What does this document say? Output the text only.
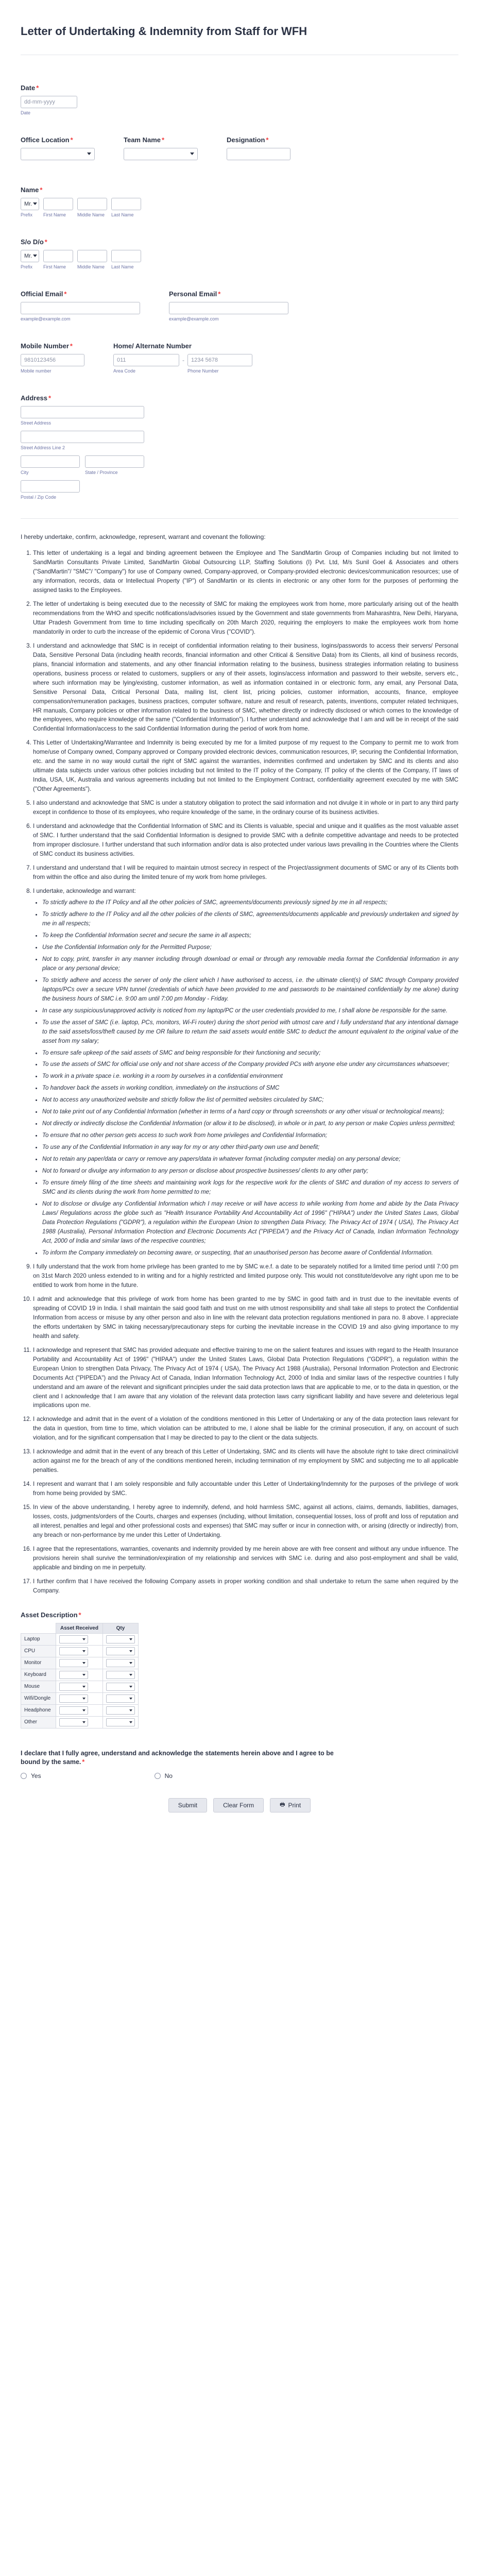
Letter of Undertaking & Indemnity from Staff for WFH
Date *
dd-mm-yyyy
Date
Office Location *	Team Name *	Designation *
Name *
Mr.
Prefix	First Name	Middle Name	Last Name
S/o D/o *
Mr.
Prefix	First Name	Middle Name	Last Name
Official Email *
example@example.com
Personal Email *
example@example.com
Mobile Number *
9810123456
Mobile number
Home/ Alternate Number
011
Area Code
-	1234 5678
Phone Number
Address *
Street Address
Street Address Line 2
City	State / Province
Postal / Zip Code

I hereby undertake, confirm, acknowledge, represent, warrant and covenant the following:

1. This letter of undertaking is a legal and binding agreement between the Employee and The SandMartin Group of Companies including but not limited to SandMartin Consultants Private Limited, SandMartin Global Outsourcing LLP, Staffing Solutions (I) Pvt. Ltd, M/s Sunil Goel & Associates and others ("SandMartin"/ "SMC"/ "Company") for use of Company owned, Company-approved, or Company-provided electronic devices/communication resources; use of any information, records, data or Intellectual Property ("IP") of SandMartin or its clients in electronic or any other form for the purposes of performing the assigned tasks to the Employees.
2. The letter of undertaking is being executed due to the necessity of SMC for making the employees work from home, more particularly arising out of the health recommendations from the WHO and specific notifications/advisories issued by the Government and state governments from Maharashtra, New Delhi, Haryana, Uttar Pradesh Government from time to time including specifically on 20th March 2020, requiring the employers to make the employees work from home mandatorily in order to curb the increase of the epidemic of Corona Virus ("COVID").
3. I understand and acknowledge that SMC is in receipt of confidential information relating to their business, logins/passwords to access their servers/ Personal Data, Sensitive Personal Data (including health records, financial information and other Critical & Sensitive Data) from its Clients, all kind of business records, plans, financial information and statements, and any other financial information relating to the business, business strategies information relating to business operations, business process or related to customers, suppliers or any of their assets, logins/access information and password to their website, servers etc., where such information may be lying/existing, customer information, as well as information contained in or electronic form, any email, any Personal Data, Sensitive Personal Data, Critical Personal Data, mailing list, client list, pricing policies, customer information, accounts, finance, employee compensation/remuneration packages, business practices, computer software, nature and result of research, patents, inventions, computer related techniques, HR manuals, Company policies or other information related to the business of SMC, whether directly or indirectly disclosed or which comes to the knowledge of the employees, who require knowledge of the same ("Confidential Information"). I further understand and acknowledge that I am and will be in receipt of the said Confidential Information/access to the said Confidential Information during the period of work from home.
4. This Letter of Undertaking/Warrantee and Indemnity is being executed by me for a limited purpose of my request to the Company to permit me to work from home/use of Company owned, Company approved or Company provided electronic devices, communication resources, IP, securing the Confidential Information, etc. and the same in no way would curtail the right of SMC against the warranties, indemnities confirmed and undertaken by SMC and its clients and also ultimate data subjects under various other policies including but not limited to the IT policy of the Company, IT policy of the clients of the Company, IT laws of India, USA, UK, Australia and various agreements including but not limited to the Employment Contract, confidentiality agreement executed by me with SMC ("Other Agreements").
5. I also understand and acknowledge that SMC is under a statutory obligation to protect the said information and not divulge it in whole or in part to any third party except in confidence to those of its employees, who require knowledge of the same, in the ordinary course of its business activities.
6. I understand and acknowledge that the Confidential Information of SMC and its Clients is valuable, special and unique and it qualifies as the most valuable asset of SMC. I further understand that the said Confidential Information is designed to provide SMC with a definite competitive advantage and needs to be protected from improper disclosure. I further understand that such information and/or data is also protected under various laws prevailing in the Countries where the Clients of SMC conduct its business activities.
7. I understand and understand that I will be required to maintain utmost secrecy in respect of the Project/assignment documents of SMC or any of its Clients both from within the office and also during the limited tenure of my work from home privileges.
8. I undertake, acknowledge and warrant:
• To strictly adhere to the IT Policy and all the other policies of SMC, agreements/documents previously signed by me in all respects;
• To strictly adhere to the IT Policy and all the other policies of the clients of SMC, agreements/documents applicable and previously undertaken and signed by me in all respects;
• To keep the Confidential Information secret and secure the same in all aspects;
• Use the Confidential Information only for the Permitted Purpose;
• Not to copy, print, transfer in any manner including through download or email or through any removable media format the Confidential Information in any place or any personal device;
• To strictly adhere and access the server of only the client which I have authorised to access, i.e. the ultimate client(s) of SMC through Company provided laptops/PCs over a secure VPN tunnel (credentials of which have been provided to me and passwords to be maintained confidentially by me alone) during the business hours of SMC i.e. 9:00 am until 7:00 pm Monday - Friday.
• In case any suspicious/unapproved activity is noticed from my laptop/PC or the user credentials provided to me, I shall alone be responsible for the same.
• To use the asset of SMC (i.e. laptop, PCs, monitors, Wi-Fi router) during the short period with utmost care and I fully understand that any intentional damage to the said assets/loss/theft caused by me OR failure to return the said assets would entitle SMC to deduct the amount equivalent to the original value of the asset from my salary;
• To ensure safe upkeep of the said assets of SMC and being responsible for their functioning and security;
• To use the assets of SMC for official use only and not share access of the Company provided PCs with anyone else under any circumstances whatsoever;
• To work in a private space i.e. working in a room by ourselves in a confidential environment
• To handover back the assets in working condition, immediately on the instructions of SMC
• Not to access any unauthorized website and strictly follow the list of permitted websites circulated by SMC;
• Not to take print out of any Confidential Information (whether in terms of a hard copy or through screenshots or any other visual or technological means);
• Not directly or indirectly disclose the Confidential Information (or allow it to be disclosed), in whole or in part, to any person or make Copies unless permitted;
• To ensure that no other person gets access to such work from home privileges and Confidential Information;
• To use any of the Confidential Information in any way for my or any other third-party own use and benefit;
• Not to retain any paper/data or carry or remove any papers/data in whatever format (including computer media) on any personal device;
• Not to forward or divulge any information to any person or disclose about prospective businesses/ clients to any other party;
• To ensure timely filing of the time sheets and maintaining work logs for the respective work for the clients of SMC and duration of my access to servers of SMC and its clients during the work from home permitted to me;
• Not to disclose or divulge any Confidential Information which I may receive or will have access to while working from home and abide by the Data Privacy Laws/ Regulations across the globe such as "Health Insurance Portability And Accountability Act of 1996" ("HIPAA") under the United States Laws, Global Data Protection Regulations ("GDPR"), a regulation within the European Union to strengthen Data Privacy, The Privacy Act of 1974 ( USA), The Privacy Act 1988 (Australia), Personal Information Protection and Electronic Documents Act ("PIPEDA") and the Privacy Act of Canada, Indian Information Technology Act, 2000 of India and similar laws of the respective countries;
• To inform the Company immediately on becoming aware, or suspecting, that an unauthorised person has become aware of Confidential Information.
9. I fully understand that the work from home privilege has been granted to me by SMC w.e.f. a date to be separately notified for a limited time period until 7:00 pm on 31st March 2020 unless extended to in writing and for a highly restricted and limited purpose only. This would not constitute/devolve any right upon me to be entitled to work from home in the future.
10. I admit and acknowledge that this privilege of work from home has been granted to me by SMC in good faith and in trust due to the inevitable events of spreading of COVID 19 in India. I shall maintain the said good faith and trust on me with utmost responsibility and shall take all steps to protect the Confidential Information from access or misuse by any other person and also in line with the relevant data protection regulations mentioned in para no. 8 above. I appreciate the efforts undertaken by SMC in taking necessary/precautionary steps for curbing the inevitable increase in the COVID 19 and also giving importance to my health and safety.
11. I acknowledge and represent that SMC has provided adequate and effective training to me on the salient features and issues with regard to the Health Insurance Portability and Accountability Act of 1996" ("HIPAA") under the United States Laws, Global Data Protection Regulations ("GDPR"), a regulation within the European Union to strengthen Data Privacy, The Privacy Act of 1974 ( USA), The Privacy Act 1988 (Australia), Personal Information Protection and Electronic Documents Act ("PIPEDA") and the Privacy Act of Canada, Indian Information Technology Act, 2000 of India and similar laws of the respective countries I fully understand and am aware of the relevant and significant principles under the said data protection laws that are applicable to me, or to the data in question, or the client and I acknowledge that I am aware that any violation of the relevant data protection laws carry significant liability and have severe and deleterious legal implications upon me.
12. I acknowledge and admit that in the event of a violation of the conditions mentioned in this Letter of Undertaking or any of the data protection laws relevant for the data in question, from time to time, which violation can be attributed to me, I alone shall be liable for the criminal prosecution, if any, on account of such violation, and for the significant compensation that I may be directed to pay to the client or the data subjects.
13. I acknowledge and admit that in the event of any breach of this Letter of Undertaking, SMC and its clients will have the absolute right to take direct criminal/civil action against me for the breach of any of the conditions mentioned herein, including termination of my employment by SMC and subjecting me to all applicable penalties.
14. I represent and warrant that I am solely responsible and fully accountable under this Letter of Undertaking/Indemnity for the purposes of the privilege of work from home being provided by SMC.
15. In view of the above understanding, I hereby agree to indemnify, defend, and hold harmless SMC, against all actions, claims, demands, liabilities, damages, losses, costs, judgments/orders of the Courts, charges and expenses (including, without limitation, consequential losses, loss of profit and loss of reputation and all interest, penalties and legal and other professional costs and expenses) that SMC may suffer or incur in connection with, or arising (directly or indirectly) from, any breach or non-performance by me under this Letter of Undertaking.
16. I agree that the representations, warranties, covenants and indemnity provided by me herein above are with free consent and without any undue influence. The provisions herein shall survive the termination/expiration of my relationship and services with SMC i.e. during and also post-employment and shall be valid, applicable and binding on me in perpetuity.
17. I further confirm that I have received the following Company assets in proper working condition and shall undertake to return the same when required by the Company.
Asset Description *
	Asset Received	Qty
Laptop	

CPU	

Monitor	

Keyboard	

Mouse	

Wifi/Dongle	

Headphone	

Other	

I declare that I fully agree, understand and acknowledge the statements herein above and I agree to be bound by the same. *
Yes	No
Submit	Clear Form	🖶 Print
